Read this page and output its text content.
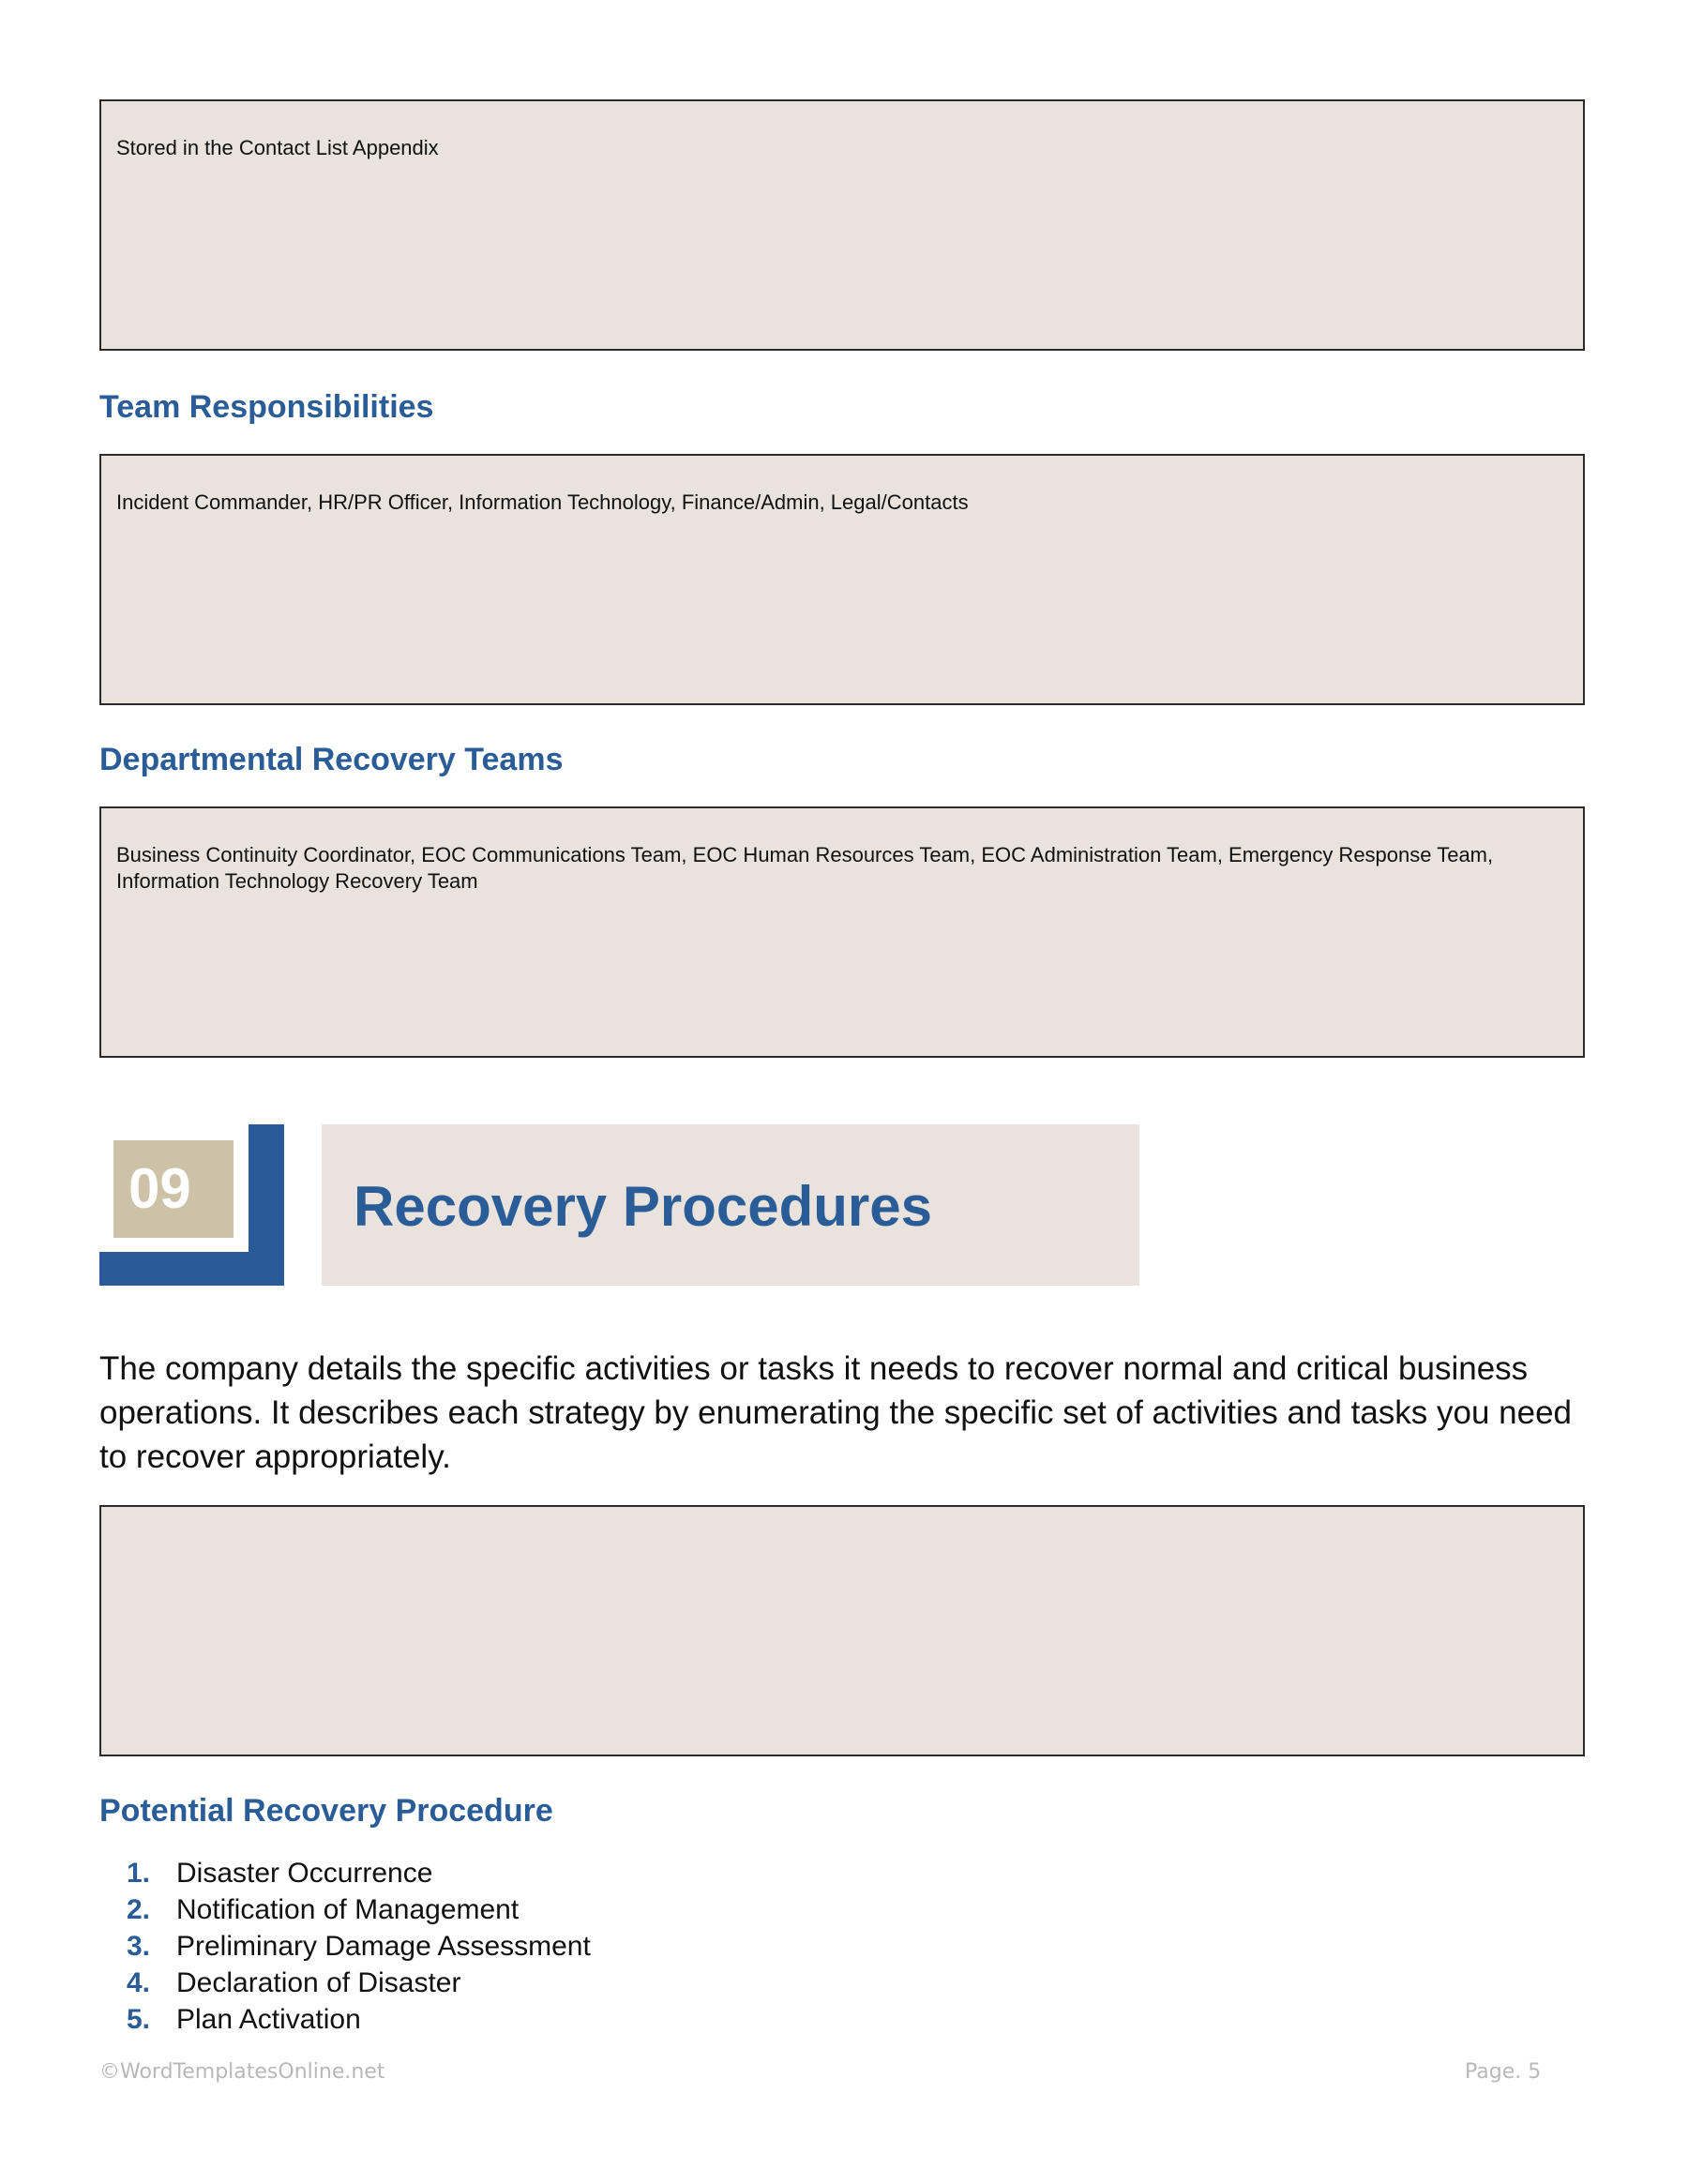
Stored in the Contact List Appendix
Team Responsibilities
Incident Commander, HR/PR Officer, Information Technology, Finance/Admin, Legal/Contacts
Departmental Recovery Teams
Business Continuity Coordinator, EOC Communications Team, EOC Human Resources Team, EOC Administration Team, Emergency Response Team, Information Technology Recovery Team
09	Recovery Procedures

The company details the specific activities or tasks it needs to recover normal and critical business operations. It describes each strategy by enumerating the specific set of activities and tasks you need to recover appropriately.

Potential Recovery Procedure
1. Disaster Occurrence
2. Notification of Management
3. Preliminary Damage Assessment
4. Declaration of Disaster
5. Plan Activation
©WordTemplatesOnline.net	Page. 5
